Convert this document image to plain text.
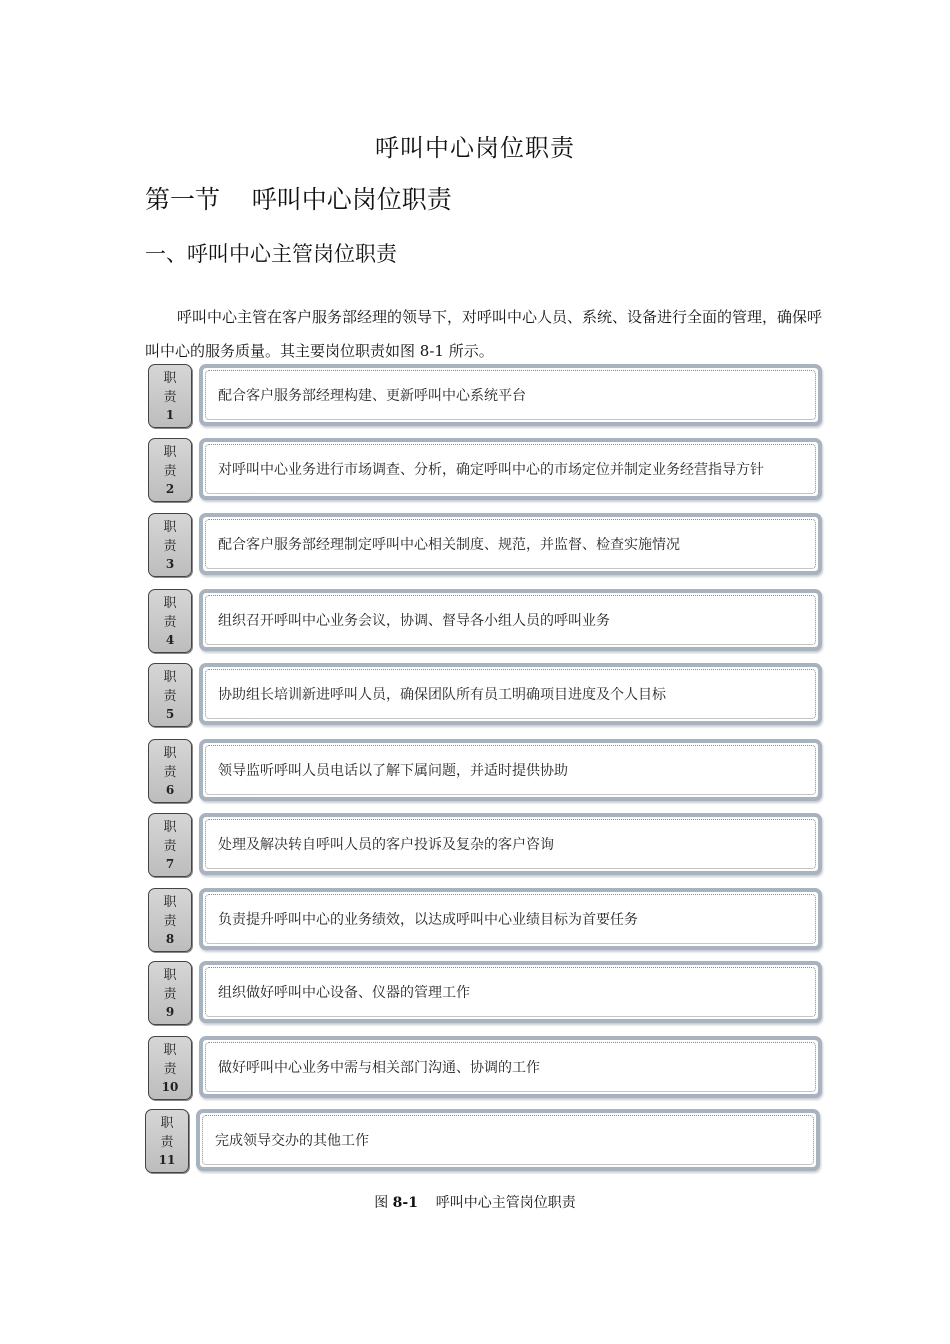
呼叫中心岗位职责
第一节    呼叫中心岗位职责
一、呼叫中心主管岗位职责

呼叫中心主管在客户服务部经理的领导下，对呼叫中心人员、系统、设备进行全面的管理，确保呼叫中心的服务质量。其主要岗位职责如图 8-1 所示。

职
责
1
配合客户服务部经理构建、更新呼叫中心系统平台
职
责
2
对呼叫中心业务进行市场调查、分析，确定呼叫中心的市场定位并制定业务经营指导方针
职
责
3
配合客户服务部经理制定呼叫中心相关制度、规范，并监督、检查实施情况
职
责
4
组织召开呼叫中心业务会议，协调、督导各小组人员的呼叫业务
职
责
5
协助组长培训新进呼叫人员，确保团队所有员工明确项目进度及个人目标
职
责
6
领导监听呼叫人员电话以了解下属问题，并适时提供协助
职
责
7
处理及解决转自呼叫人员的客户投诉及复杂的客户咨询
职
责
8
负责提升呼叫中心的业务绩效，以达成呼叫中心业绩目标为首要任务
职
责
9
组织做好呼叫中心设备、仪器的管理工作
职
责
10
做好呼叫中心业务中需与相关部门沟通、协调的工作
职
责
11
完成领导交办的其他工作
图 8-1    呼叫中心主管岗位职责
